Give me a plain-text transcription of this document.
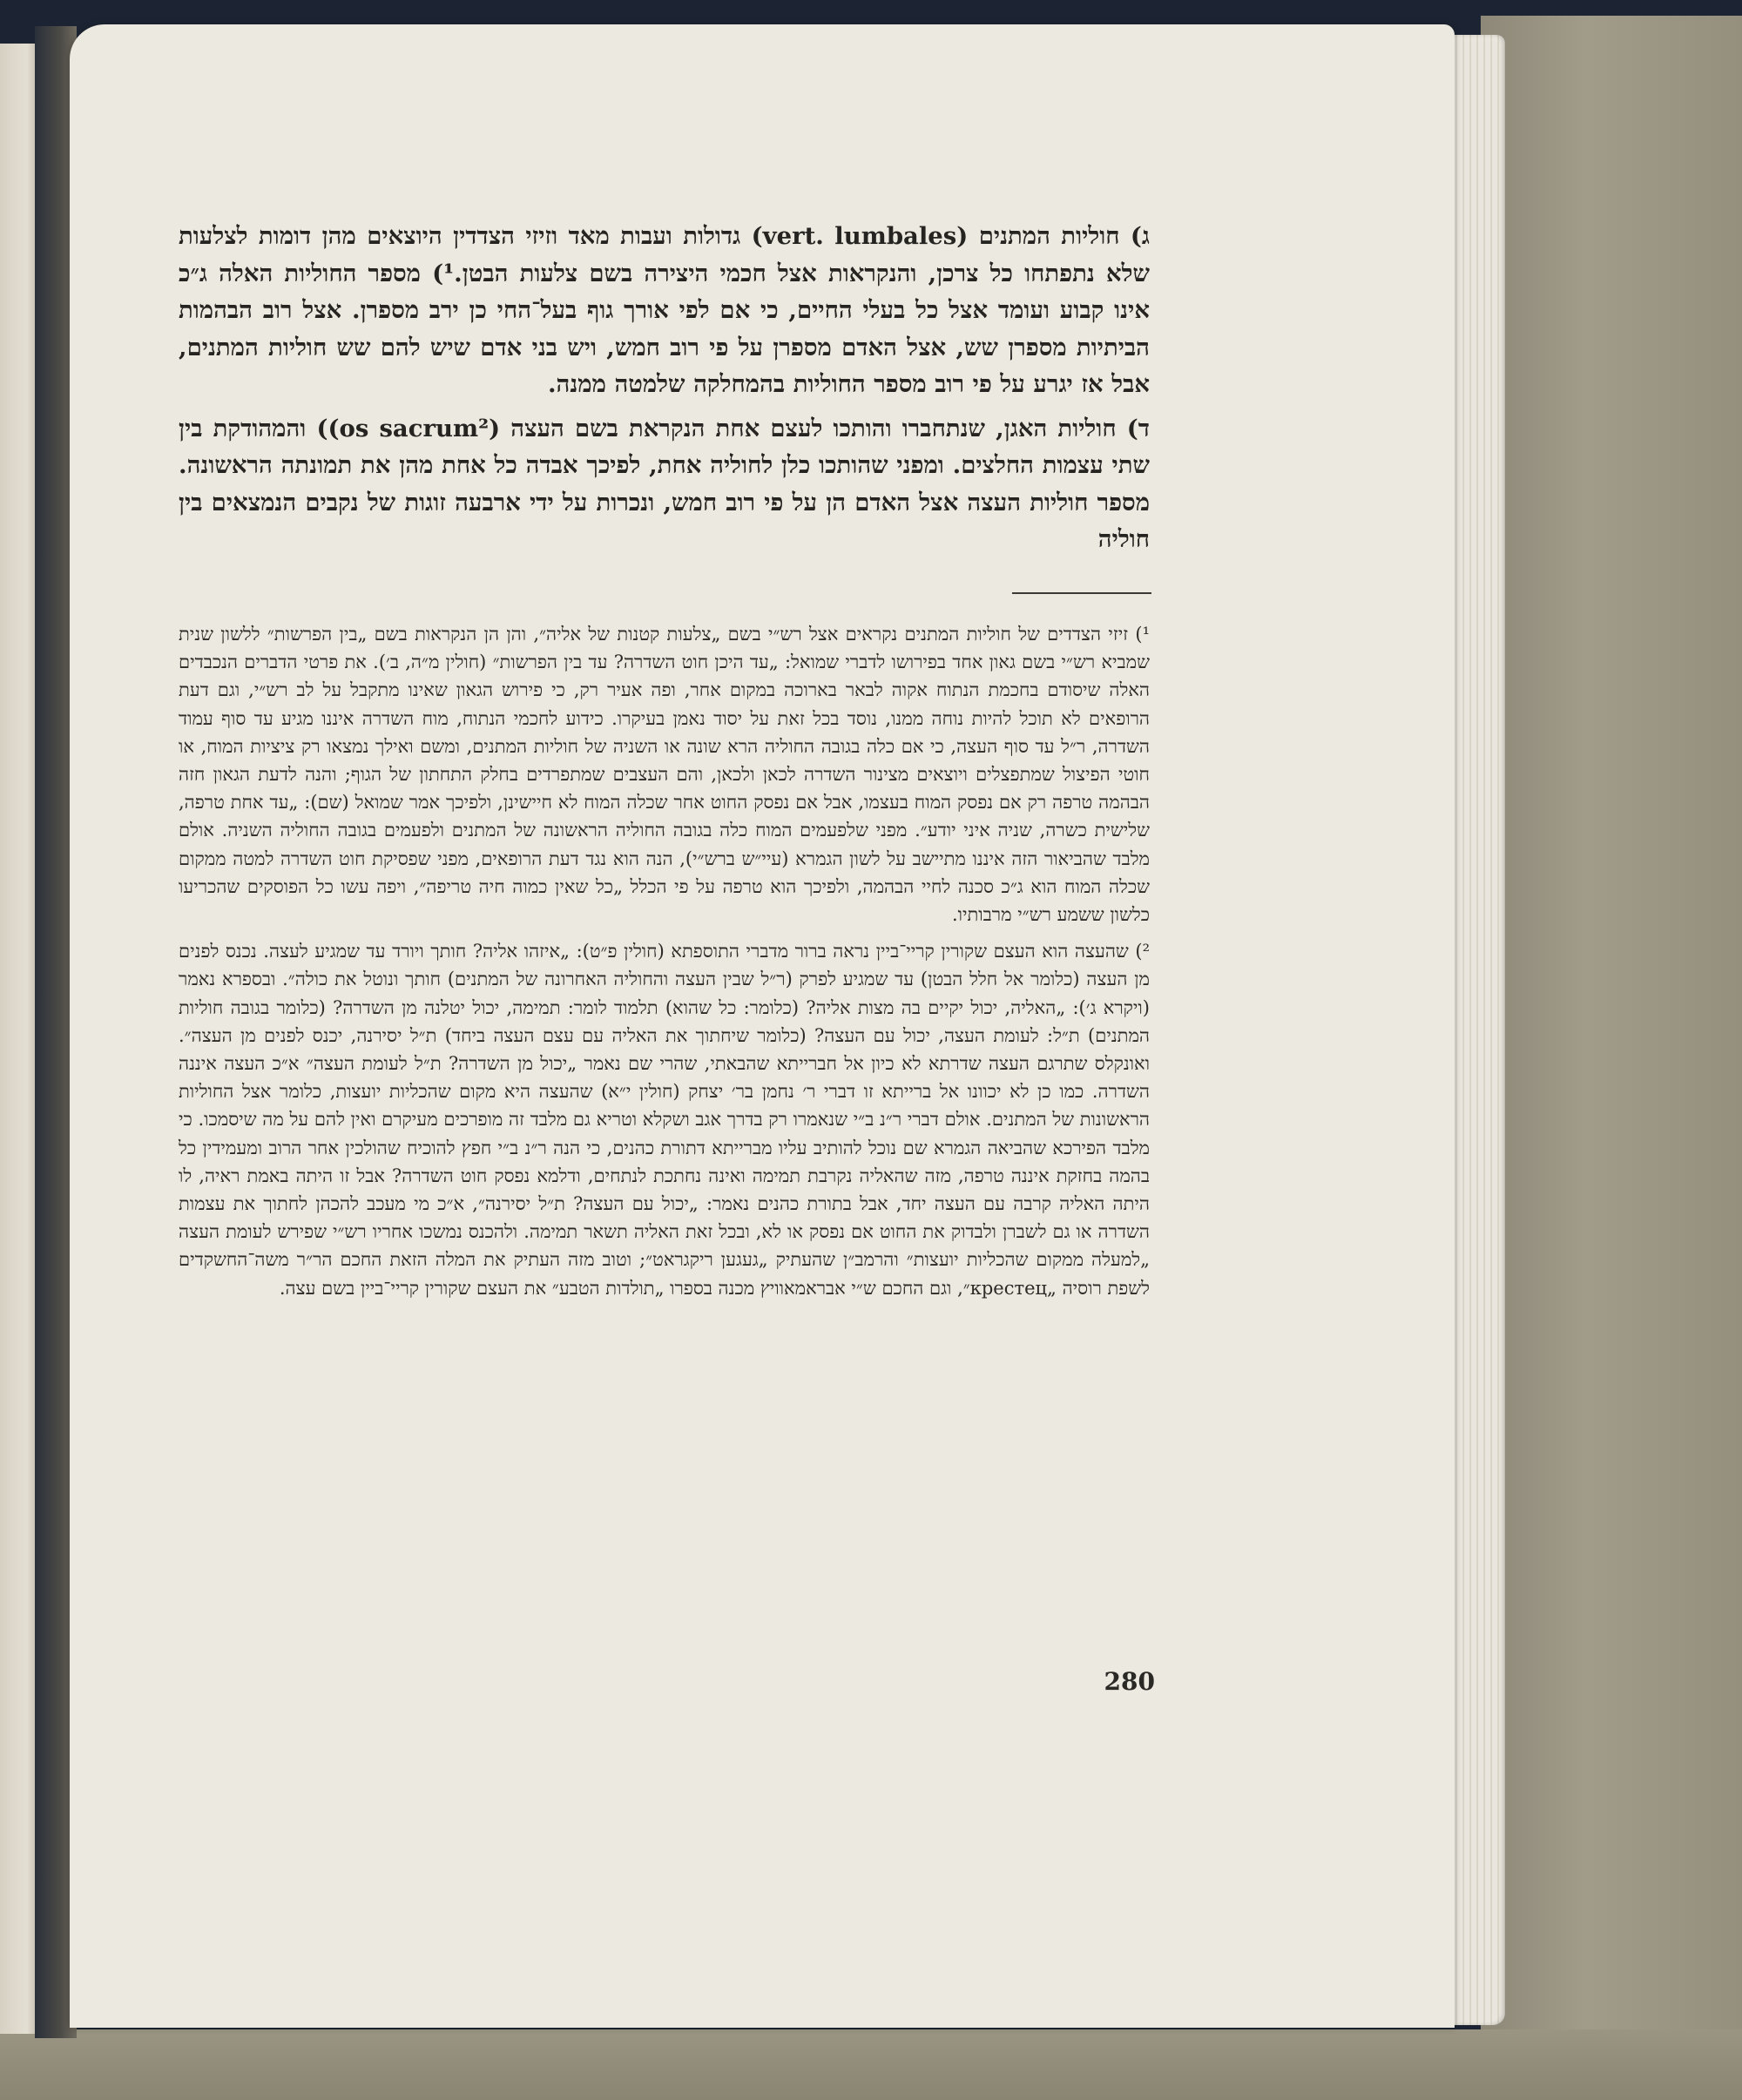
ג) חוליות המתנים (vert. lumbales) גדולות ועבות מאד וזיזי הצדדין היוצאים מהן דומות לצלעות שלא נתפתחו כל צרכן, והנקראות אצל חכמי היצירה בשם צלעות הבטן.¹) מספר החוליות האלה ג״כ אינו קבוע ועומד אצל כל בעלי החיים, כי אם לפי אורך גוף בעל־החי כן ירב מספרן. אצל רוב הבהמות הביתיות מספרן שש, אצל האדם מספרן על פי רוב חמש, ויש בני אדם שיש להם שש חוליות המתנים, אבל אז יגרע על פי רוב מספר החוליות בהמחלקה שלמטה ממנה.

ד) חוליות האגן, שנתחברו והותכו לעצם אחת הנקראת בשם העצה (os sacrum²)) והמהודקת בין שתי עצמות החלצים. ומפני שהותכו כלן לחוליה אחת, לפיכך אבדה כל אחת מהן את תמונתה הראשונה. מספר חוליות העצה אצל האדם הן על פי רוב חמש, ונכרות על ידי ארבעה זוגות של נקבים הנמצאים בין חוליה

¹) זיזי הצדדים של חוליות המתנים נקראים אצל רש״י בשם „צלעות קטנות של אליה״, והן הן הנקראות בשם „בין הפרשות״ ללשון שנית שמביא רש״י בשם גאון אחד בפירושו לדברי שמואל: „עד היכן חוט השדרה? עד בין הפרשות״ (חולין מ״ה, ב׳). את פרטי הדברים הנכבדים האלה שיסודם בחכמת הנתוח אקוה לבאר בארוכה במקום אחר, ופה אעיר רק, כי פירוש הגאון שאינו מתקבל על לב רש״י, וגם דעת הרופאים לא תוכל להיות נוחה ממנו, נוסד בכל זאת על יסוד נאמן בעיקרו. כידוע לחכמי הנתוח, מוח השדרה איננו מגיע עד סוף עמוד השדרה, ר״ל עד סוף העצה, כי אם כלה בגובה החוליה הרא שונה או השניה של חוליות המתנים, ומשם ואילך נמצאו רק ציציות המוח, או חוטי הפיצול שמתפצלים ויוצאים מצינור השדרה לכאן ולכאן, והם העצבים שמתפרדים בחלק התחתון של הגוף; והנה לדעת הגאון חזה הבהמה טרפה רק אם נפסק המוח בעצמו, אבל אם נפסק החוט אחר שכלה המוח לא חיישינן, ולפיכך אמר שמואל (שם): „עד אחת טרפה, שלישית כשרה, שניה איני יודע״. מפני שלפעמים המוח כלה בגובה החוליה הראשונה של המתנים ולפעמים בגובה החוליה השניה. אולם מלבד שהביאור הזה איננו מתיישב על לשון הגמרא (עיי״ש ברש״י), הנה הוא נגד דעת הרופאים, מפני שפסיקת חוט השדרה למטה ממקום שכלה המוח הוא ג״כ סכנה לחיי הבהמה, ולפיכך הוא טרפה על פי הכלל „כל שאין כמוה חיה טריפה״, ויפה עשו כל הפוסקים שהכריעו כלשון ששמע רש״י מרבותיו.

²) שהעצה הוא העצם שקורין קריי־ביין נראה ברור מדברי התוספתא (חולין פ״ט): „איזהו אליה? חותך ויורד עד שמגיע לעצה. נכנס לפנים מן העצה (כלומר אל חלל הבטן) עד שמגיע לפרק (ר״ל שבין העצה והחוליה האחרונה של המתנים) חותך ונוטל את כולה״. ובספרא נאמר (ויקרא ג׳): „האליה, יכול יקיים בה מצות אליה? (כלומר: כל שהוא) תלמוד לומר: תמימה, יכול יטלנה מן השדרה? (כלומר בגובה חוליות המתנים) ת״ל: לעומת העצה, יכול עם העצה? (כלומר שיחתוך את האליה עם עצם העצה ביחד) ת״ל יסירנה, יכנס לפנים מן העצה״. ואונקלס שתרגם העצה שדרתא לא כיון אל חברייתא שהבאתי, שהרי שם נאמר „יכול מן השדרה? ת״ל לעומת העצה״ א״כ העצה איננה השדרה. כמו כן לא יכוונו אל ברייתא זו דברי ר׳ נחמן בר׳ יצחק (חולין י״א) שהעצה היא מקום שהכליות יועצות, כלומר אצל החוליות הראשונות של המתנים. אולם דברי ר״נ ב״י שנאמרו רק בדרך אגב ושקלא וטריא גם מלבד זה מופרכים מעיקרם ואין להם על מה שיסמכו. כי מלבד הפירכא שהביאה הגמרא שם נוכל להותיב עליו מברייתא דתורת כהנים, כי הנה ר״נ ב״י חפץ להוכיח שהולכין אחר הרוב ומעמידין כל בהמה בחזקת איננה טרפה, מזה שהאליה נקרבת תמימה ואינה נחתכת לנתחים, ודלמא נפסק חוט השדרה? אבל זו היתה באמת ראיה, לו היתה האליה קרבה עם העצה יחד, אבל בתורת כהנים נאמר: „יכול עם העצה? ת״ל יסירנה״, א״כ מי מעכב להכהן לחתוך את עצמות השדרה או גם לשברן ולבדוק את החוט אם נפסק או לא, ובכל זאת האליה תשאר תמימה. ולהכנס נמשכו אחריו רש״י שפירש לעומת העצה „למעלה ממקום שהכליות יועצות״ והרמב״ן שהעתיק „געגען ריקגראט״; וטוב מזה העתיק את המלה הזאת החכם הר״ר משה־החשקדים לשפת רוסיה „крестец״, וגם החכם ש״י אבראמאוויץ מכנה בספרו „תולדות הטבע״ את העצם שקורין קריי־ביין בשם עצה.

280
